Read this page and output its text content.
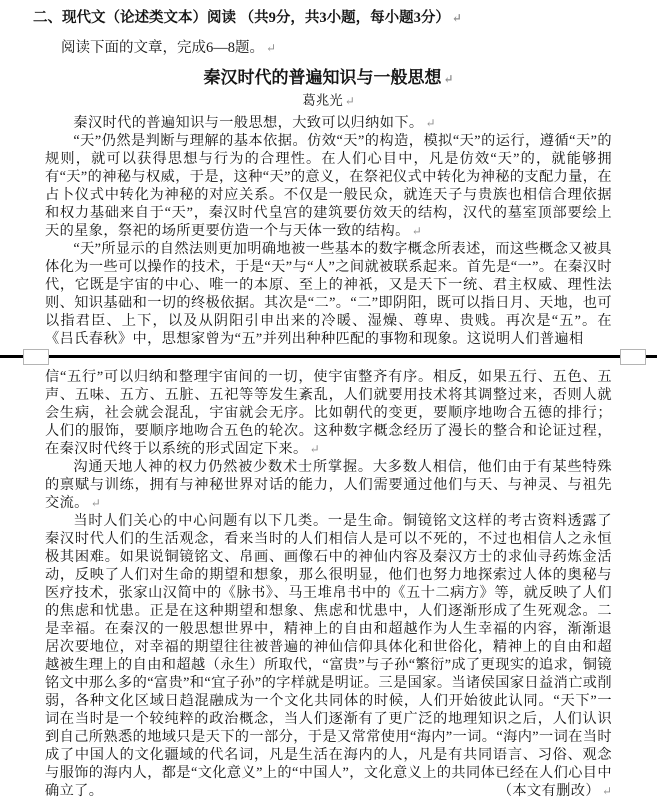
二、现代文（论述类文本）阅读 （共9分，共3小题，每小题3分） ↵
阅读下面的文章，完成6—8题。 ↵
秦汉时代的普遍知识与一般思想 ↵
葛兆光 ↵

秦汉时代的普遍知识与一般思想，大致可以归纳如下。 ↵

“天”仍然是判断与理解的基本依据。仿效“天”的构造，模拟“天”的运行，遵循“天”的规则，就可以获得思想与行为的合理性。在人们心目中，凡是仿效“天”的，就能够拥有“天”的神秘与权威，于是，这种“天”的意义，在祭祀仪式中转化为神秘的支配力量，在占卜仪式中转化为神秘的对应关系。不仅是一般民众，就连天子与贵族也相信合理依据和权力基础来自于“天”，秦汉时代皇宫的建筑要仿效天的结构，汉代的墓室顶部要绘上天的星象，祭祀的场所更要仿造一个与天体一致的结构。 ↵

“天”所显示的自然法则更加明确地被一些基本的数字概念所表述，而这些概念又被具体化为一些可以操作的技术，于是“天”与“人”之间就被联系起来。首先是“一”。在秦汉时代，它既是宇宙的中心、唯一的本原、至上的神祇，又是天下一统、君主权威、理性法则、知识基础和一切的终极依据。其次是“二”。“二”即阴阳，既可以指日月、天地，也可以指君臣、上下，以及从阴阳引申出来的冷暖、湿燥、尊卑、贵贱。再次是“五”。在《吕氏春秋》中，思想家曾为“五”并列出种种匹配的事物和现象。这说明人们普遍相

信“五行”可以归纳和整理宇宙间的一切，使宇宙整齐有序。相反，如果五行、五色、五声、五味、五方、五脏、五祀等等发生紊乱，人们就要用技术将其调整过来，否则人就会生病，社会就会混乱，宇宙就会无序。比如朝代的变更，要顺序地吻合五德的排行；人们的服饰，要顺序地吻合五色的轮次。这种数字概念经历了漫长的整合和论证过程，在秦汉时代终于以系统的形式固定下来。 ↵

沟通天地人神的权力仍然被少数术士所掌握。大多数人相信，他们由于有某些特殊的禀赋与训练，拥有与神秘世界对话的能力，人们需要通过他们与天、与神灵、与祖先交流。 ↵

当时人们关心的中心问题有以下几类。一是生命。铜镜铭文这样的考古资料透露了秦汉时代人们的生活观念，看来当时的人们相信人是可以不死的，不过也相信人之永恒极其困难。如果说铜镜铭文、帛画、画像石中的神仙内容及秦汉方士的求仙寻药炼金活动，反映了人们对生命的期望和想象，那么很明显，他们也努力地探索过人体的奥秘与医疗技术，张家山汉简中的《脉书》、马王堆帛书中的《五十二病方》等，就反映了人们的焦虑和忧患。正是在这种期望和想象、焦虑和忧患中，人们逐渐形成了生死观念。二是幸福。在秦汉的一般思想世界中，精神上的自由和超越作为人生幸福的内容，渐渐退居次要地位，对幸福的期望往往被普遍的神仙信仰具体化和世俗化，精神上的自由和超越被生理上的自由和超越（永生）所取代，“富贵”与子孙“繁衍”成了更现实的追求，铜镜铭文中那么多的“富贵”和“宜子孙”的字样就是明证。三是国家。当诸侯国家日益消亡或削弱，各种文化区域日趋混融成为一个文化共同体的时候，人们开始彼此认同。“天下”一词在当时是一个较纯粹的政治概念，当人们逐渐有了更广泛的地理知识之后，人们认识到自己所熟悉的地域只是天下的一部分，于是又常常使用“海内”一词。“海内”一词在当时成了中国人的文化疆域的代名词，凡是生活在海内的人，凡是有共同语言、习俗、观念与服饰的海内人，都是“文化意义”上的“中国人”，文化意义上的共同体已经在人们心目中确立了。	（本文有删改） ↵
